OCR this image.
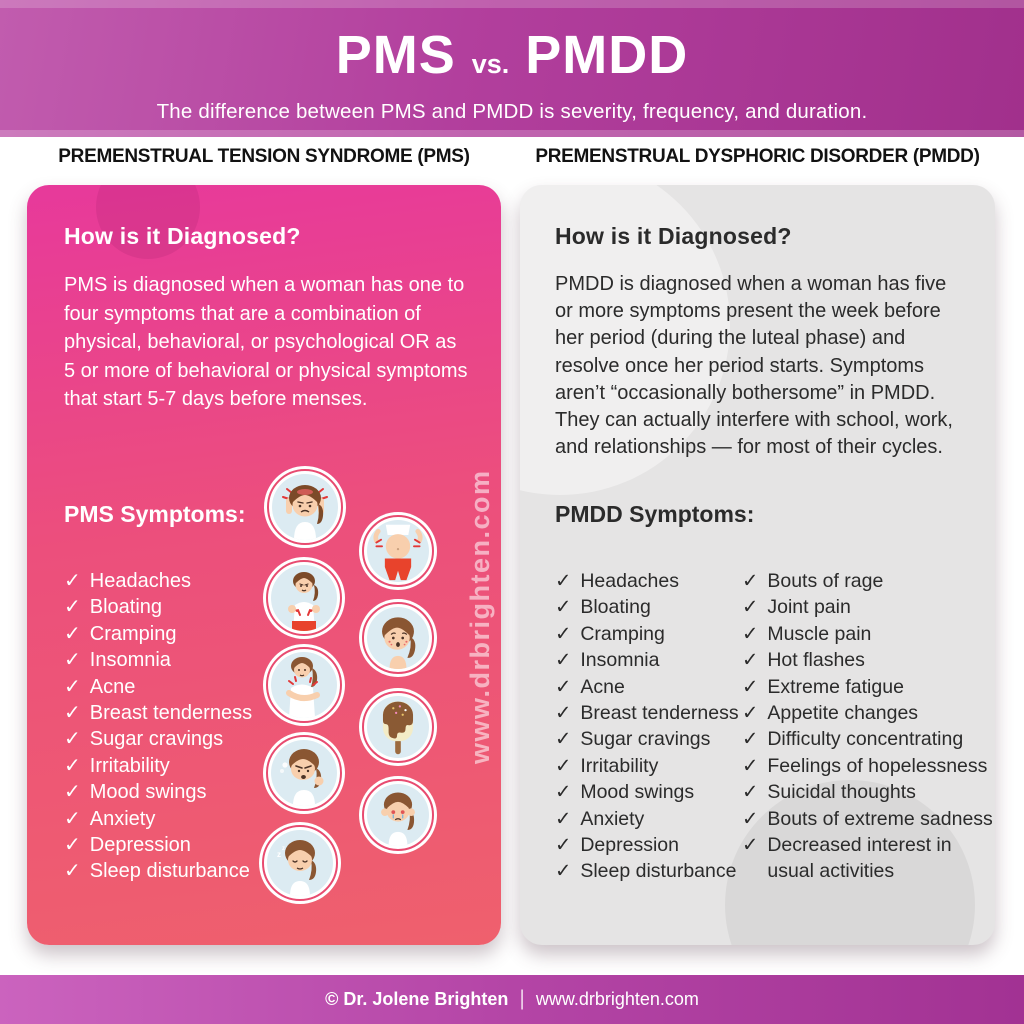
PMS vs. PMDD
The difference between PMS and PMDD is severity, frequency, and duration.
PREMENSTRUAL TENSION SYNDROME (PMS)	PREMENSTRUAL DYSPHORIC DISORDER (PMDD)
How is it Diagnosed?
PMS is diagnosed when a woman has one to four symptoms that are a combination of physical, behavioral, or psychological OR as 5 or more of behavioral or physical symptoms that start 5-7 days before menses.
PMS Symptoms:
✓ Headaches
✓ Bloating
✓ Cramping
✓ Insomnia
✓ Acne
✓ Breast tenderness
✓ Sugar cravings
✓ Irritability
✓ Mood swings
✓ Anxiety
✓ Depression
✓ Sleep disturbance
z
z
www.drbrighten.com
How is it Diagnosed?
PMDD is diagnosed when a woman has five or more symptoms present the week before her period (during the luteal phase) and resolve once her period starts. Symptoms aren’t “occasionally bothersome” in PMDD. They can actually interfere with school, work, and relationships — for most of their cycles.
PMDD Symptoms:
✓ Headaches
✓ Bloating
✓ Cramping
✓ Insomnia
✓ Acne
✓ Breast tenderness
✓ Sugar cravings
✓ Irritability
✓ Mood swings
✓ Anxiety
✓ Depression
✓ Sleep disturbance
✓ Bouts of rage
✓ Joint pain
✓ Muscle pain
✓ Hot flashes
✓ Extreme fatigue
✓ Appetite changes
✓ Difficulty concentrating
✓ Feelings of hopelessness
✓ Suicidal thoughts
✓ Bouts of extreme sadness
✓ Decreased interest in usual activities
© Dr. Jolene Brighten | www.drbrighten.com
